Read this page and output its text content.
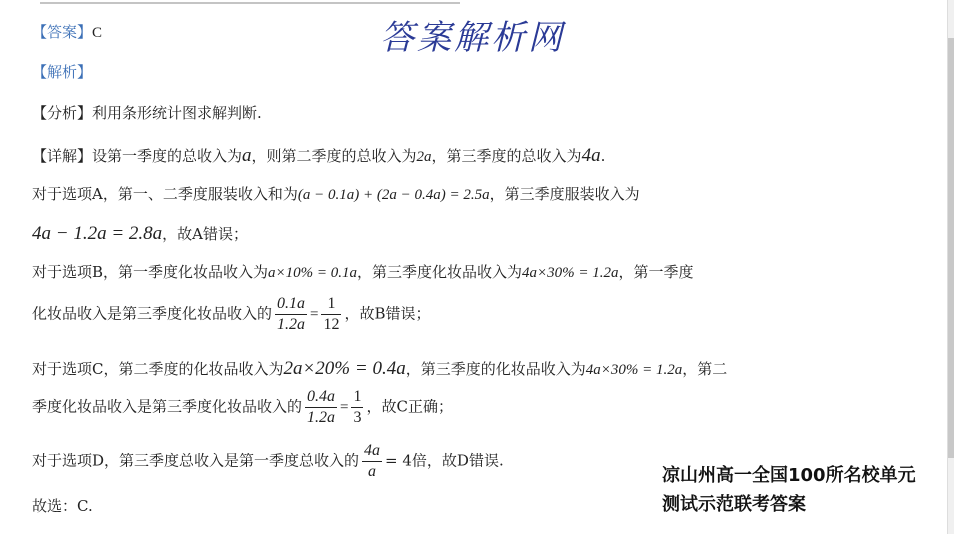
答案解析网
【答案】C
【解析】
【分析】利用条形统计图求解判断.
【详解】设第一季度的总收入为a，则第二季度的总收入为2a，第三季度的总收入为4a.
对于选项A，第一、二季度服装收入和为(a − 0.1a) + (2a − 0.4a) = 2.5a，第三季度服装收入为
4a − 1.2a = 2.8a，故A错误；
对于选项B，第一季度化妆品收入为a×10% = 0.1a，第三季度化妆品收入为4a×30% = 1.2a，第一季度
化妆品收入是第三季度化妆品收入的 $\frac{0.1a}{1.2a} = \frac{1}{12}$ ，故B错误；
对于选项C，第二季度的化妆品收入为2a×20% = 0.4a，第三季度的化妆品收入为4a×30% = 1.2a，第二
季度化妆品收入是第三季度化妆品收入的 $\frac{0.4a}{1.2a} = \frac{1}{3}$ ，故C正确；
对于选项D，第三季度总收入是第一季度总收入的 $\frac{4a}{a} = 4$倍，故D错误.
故选：C.
凉山州高一全国100所名校单元
测试示范联考答案
